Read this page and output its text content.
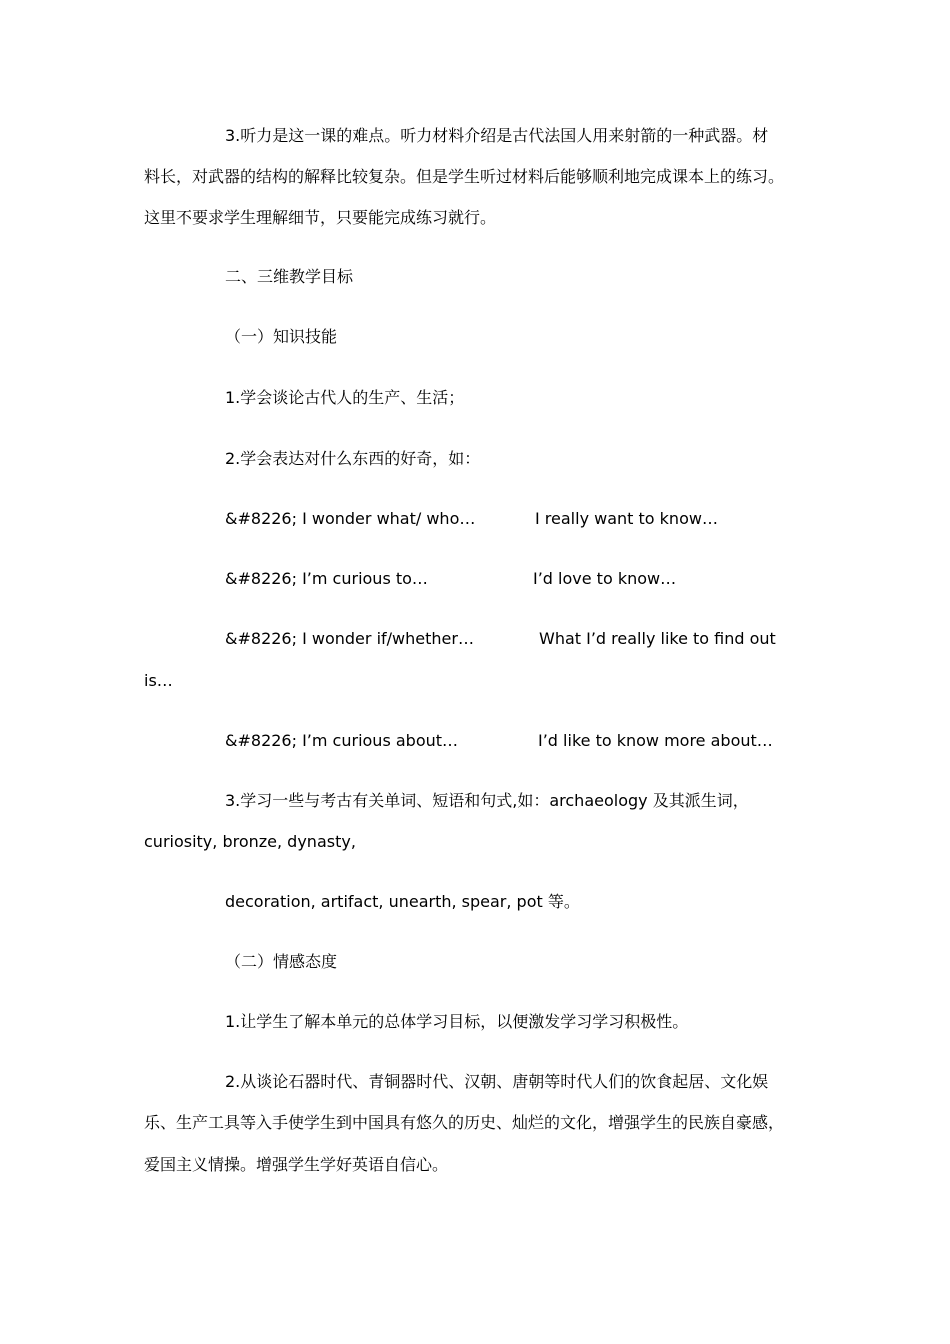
3.听力是这一课的难点。听力材料介绍是古代法国人用来射箭的一种武器。材
料长，对武器的结构的解释比较复杂。但是学生听过材料后能够顺利地完成课本上的练习。
这里不要求学生理解细节，只要能完成练习就行。
二、三维教学目标
（一）知识技能
1.学会谈论古代人的生产、生活；
2.学会表达对什么东西的好奇，如：
&#8226; I wonder what/ who…	I really want to know…
&#8226; I’m curious to…	I’d love to know…
&#8226; I wonder if/whether…	What I’d really like to find out
is…
&#8226; I’m curious about…	I’d like to know more about…
3.学习一些与考古有关单词、短语和句式,如：archaeology 及其派生词，
curiosity, bronze, dynasty,
decoration, artifact, unearth, spear, pot 等。
（二）情感态度
1.让学生了解本单元的总体学习目标，以便激发学习学习积极性。
2.从谈论石器时代、青铜器时代、汉朝、唐朝等时代人们的饮食起居、文化娱
乐、生产工具等入手使学生到中国具有悠久的历史、灿烂的文化，增强学生的民族自豪感，
爱国主义情操。增强学生学好英语自信心。
